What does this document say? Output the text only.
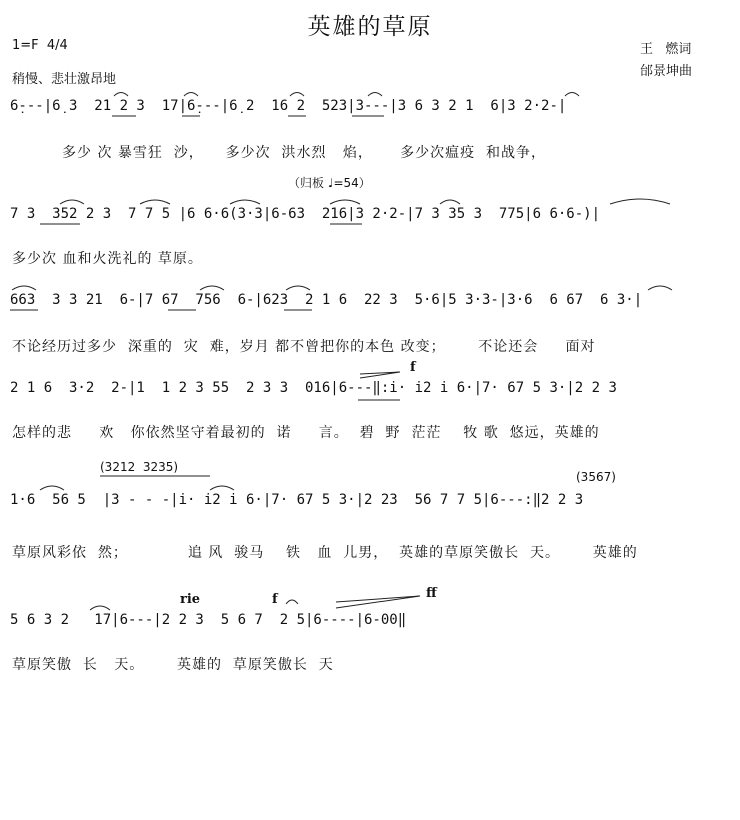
英雄的草原
1=F  4/4
稍慢、悲壮激昂地
王   燃词
邰景坤曲
6̣---|6̣ 3  21 2 3  17|6̣---|6̣ 2  16 2  523|3---|3 6 3 2 1  6|3 2·2-|
多少 次 暴雪狂  沙，    多少次  洪水烈   焰，     多少次瘟疫  和战争，
（归板 ♩=54）
7 3  352 2 3  7 7 5 |6 6·6(3·3|6-63  216|3 2·2-|7 3 35 3  775|6 6·6-)|
多少次 血和火洗礼的 草原。
663  3 3 21  6-|7 67  756  6-|623  2 1 6  22 3  5·6|5 3·3-|3·6  6 67  6 3·|
不论经历过多少  深重的  灾  难，岁月 都不曾把你的本色 改变；      不论还会     面对
f
2 1 6  3·2  2-|1  1 2 3 55  2 3 3  016|6---‖:i· i2 i 6·|7· 67 5 3·|2 2 3
怎样的悲     欢   你依然坚守着最初的  诺     言。  碧  野  茫茫    牧 歌  悠远，英雄的
(3212  3235)
(3567)
1·6  56 5  |3 - - -|i· i2 i 6·|7· 67 5 3·|2 23  56 7 7 5|6---:‖2 2 3
草原风彩依  然；           追 风  骏马    铁   血  儿男，  英雄的草原笑傲长  天。      英雄的
rie	f	ff
5 6 3 2   17|6---|2 2 3  5 6 7  2 5|6----|6-00‖
草原笑傲  长   天。      英雄的  草原笑傲长  天
